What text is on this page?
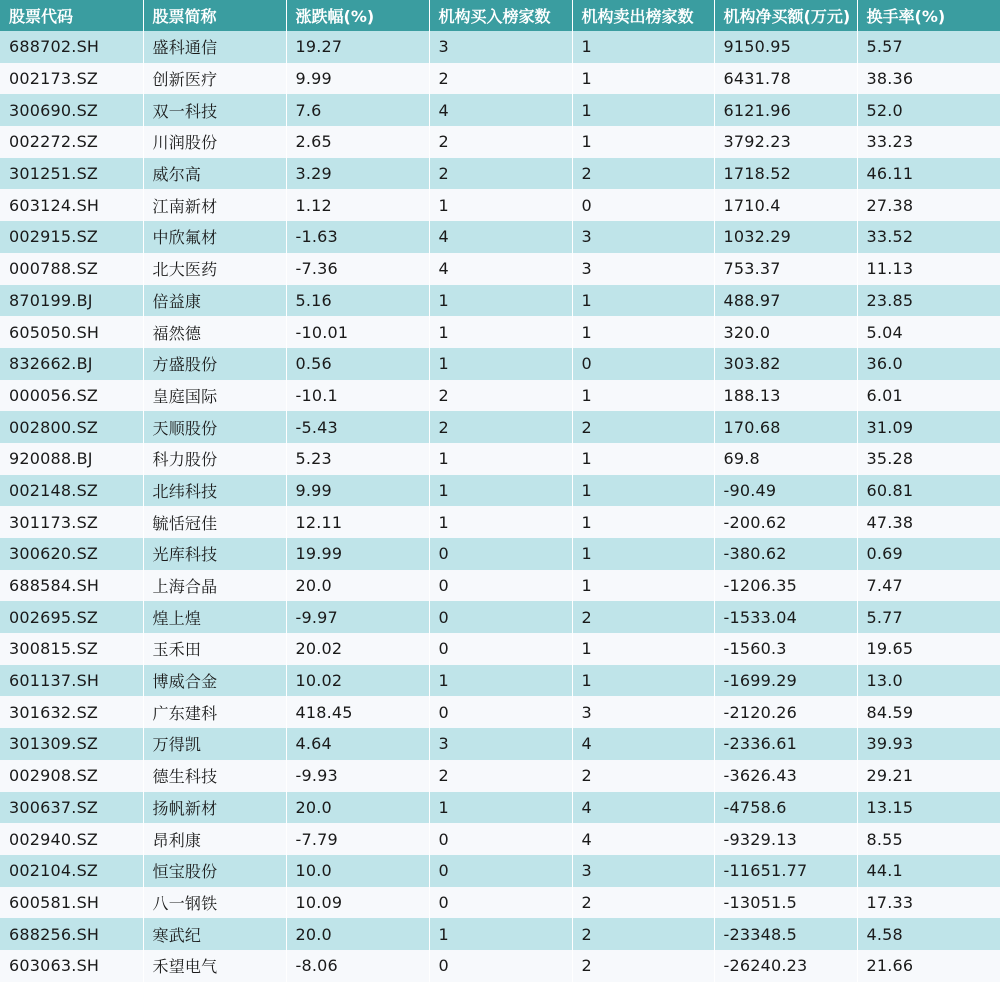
股票代码	股票简称	涨跌幅(%)	机构买入榜家数	机构卖出榜家数	机构净买额(万元)	换手率(%)
688702.SH	盛科通信	19.27	3	1	9150.95	5.57
002173.SZ	创新医疗	9.99	2	1	6431.78	38.36
300690.SZ	双一科技	7.6	4	1	6121.96	52.0
002272.SZ	川润股份	2.65	2	1	3792.23	33.23
301251.SZ	威尔高	3.29	2	2	1718.52	46.11
603124.SH	江南新材	1.12	1	0	1710.4	27.38
002915.SZ	中欣氟材	-1.63	4	3	1032.29	33.52
000788.SZ	北大医药	-7.36	4	3	753.37	11.13
870199.BJ	倍益康	5.16	1	1	488.97	23.85
605050.SH	福然德	-10.01	1	1	320.0	5.04
832662.BJ	方盛股份	0.56	1	0	303.82	36.0
000056.SZ	皇庭国际	-10.1	2	1	188.13	6.01
002800.SZ	天顺股份	-5.43	2	2	170.68	31.09
920088.BJ	科力股份	5.23	1	1	69.8	35.28
002148.SZ	北纬科技	9.99	1	1	-90.49	60.81
301173.SZ	毓恬冠佳	12.11	1	1	-200.62	47.38
300620.SZ	光库科技	19.99	0	1	-380.62	0.69
688584.SH	上海合晶	20.0	0	1	-1206.35	7.47
002695.SZ	煌上煌	-9.97	0	2	-1533.04	5.77
300815.SZ	玉禾田	20.02	0	1	-1560.3	19.65
601137.SH	博威合金	10.02	1	1	-1699.29	13.0
301632.SZ	广东建科	418.45	0	3	-2120.26	84.59
301309.SZ	万得凯	4.64	3	4	-2336.61	39.93
002908.SZ	德生科技	-9.93	2	2	-3626.43	29.21
300637.SZ	扬帆新材	20.0	1	4	-4758.6	13.15
002940.SZ	昂利康	-7.79	0	4	-9329.13	8.55
002104.SZ	恒宝股份	10.0	0	3	-11651.77	44.1
600581.SH	八一钢铁	10.09	0	2	-13051.5	17.33
688256.SH	寒武纪	20.0	1	2	-23348.5	4.58
603063.SH	禾望电气	-8.06	0	2	-26240.23	21.66
